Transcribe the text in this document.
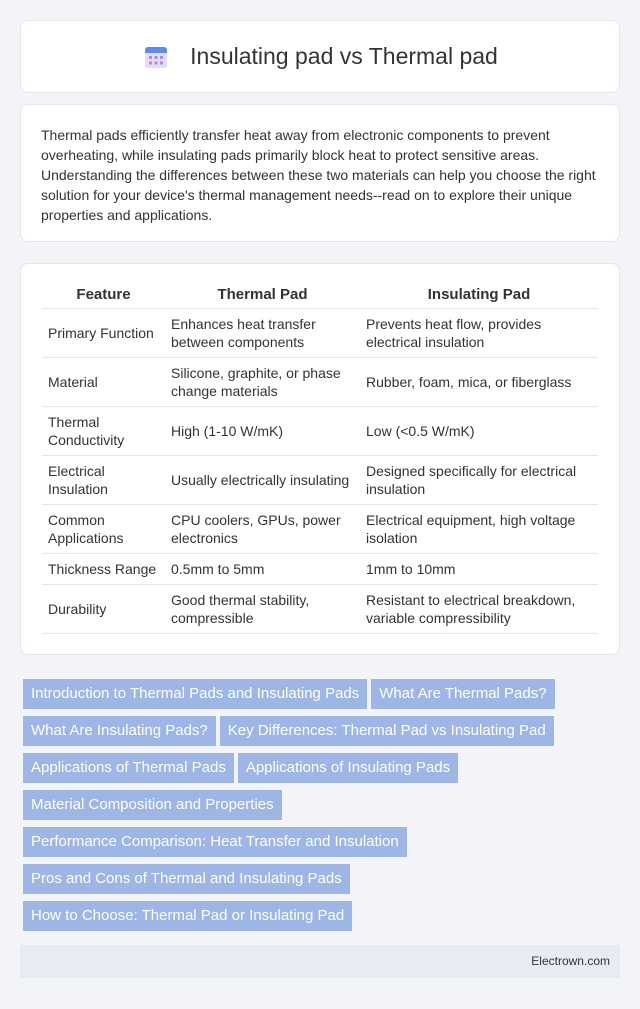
Insulating pad vs Thermal pad

Thermal pads efficiently transfer heat away from electronic components to prevent overheating, while insulating pads primarily block heat to protect sensitive areas. Understanding the differences between these two materials can help you choose the right solution for your device's thermal management needs--read on to explore their unique properties and applications.

Feature	Thermal Pad	Insulating Pad
Primary Function	Enhances heat transfer between components	Prevents heat flow, provides electrical insulation
Material	Silicone, graphite, or phase change materials	Rubber, foam, mica, or fiberglass
Thermal Conductivity	High (1-10 W/mK)	Low (<0.5 W/mK)
Electrical Insulation	Usually electrically insulating	Designed specifically for electrical insulation
Common Applications	CPU coolers, GPUs, power electronics	Electrical equipment, high voltage isolation
Thickness Range	0.5mm to 5mm	1mm to 10mm
Durability	Good thermal stability, compressible	Resistant to electrical breakdown, variable compressibility
Introduction to Thermal Pads and Insulating Pads What Are Thermal Pads?
What Are Insulating Pads? Key Differences: Thermal Pad vs Insulating Pad
Applications of Thermal Pads Applications of Insulating Pads
Material Composition and Properties
Performance Comparison: Heat Transfer and Insulation
Pros and Cons of Thermal and Insulating Pads
How to Choose: Thermal Pad or Insulating Pad
Electrown.com
